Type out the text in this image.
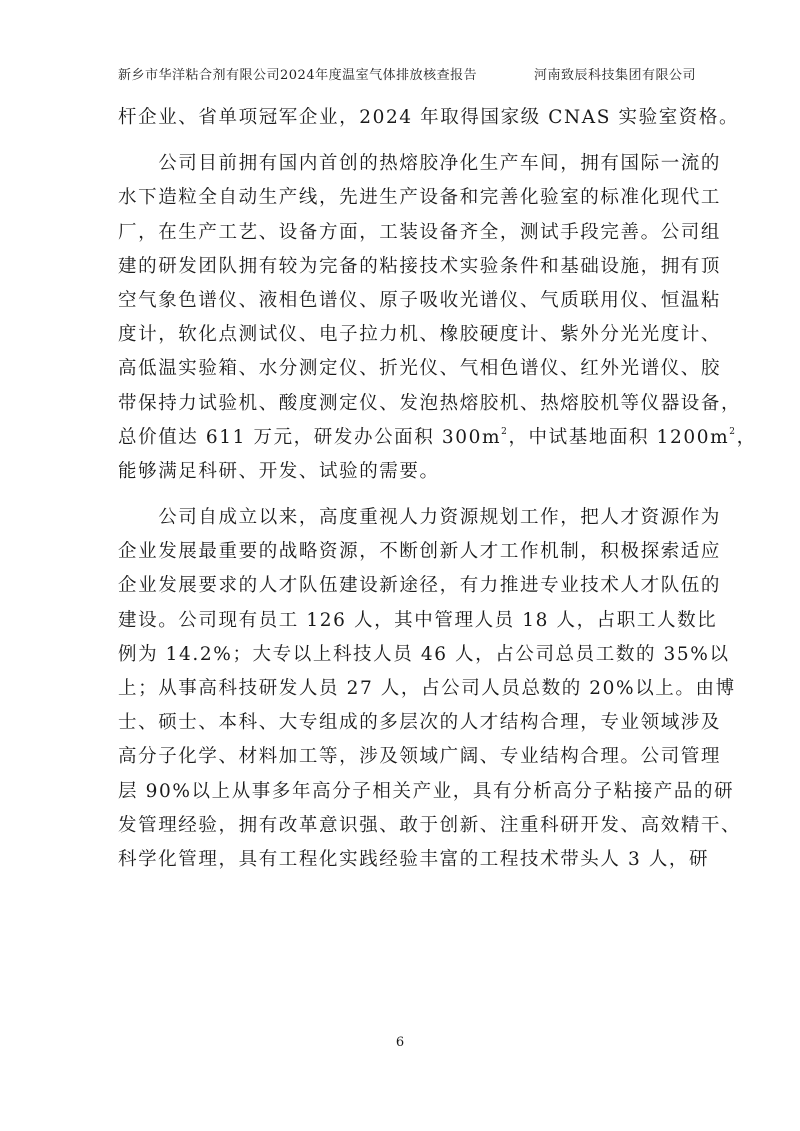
新乡市华洋粘合剂有限公司2024年度温室气体排放核查报告	河南致辰科技集团有限公司
杆企业、省单项冠军企业，2024 年取得国家级 CNAS 实验室资格。
　　公司目前拥有国内首创的热熔胶净化生产车间，拥有国际一流的
水下造粒全自动生产线，先进生产设备和完善化验室的标准化现代工
厂，在生产工艺、设备方面，工装设备齐全，测试手段完善。公司组
建的研发团队拥有较为完备的粘接技术实验条件和基础设施，拥有顶
空气象色谱仪、液相色谱仪、原子吸收光谱仪、气质联用仪、恒温粘
度计，软化点测试仪、电子拉力机、橡胶硬度计、紫外分光光度计、
高低温实验箱、水分测定仪、折光仪、气相色谱仪、红外光谱仪、胶
带保持力试验机、酸度测定仪、发泡热熔胶机、热熔胶机等仪器设备，
总价值达 611 万元，研发办公面积 $300m^2$，中试基地面积 $1200m^2$，
能够满足科研、开发、试验的需要。
　　公司自成立以来，高度重视人力资源规划工作，把人才资源作为
企业发展最重要的战略资源，不断创新人才工作机制，积极探索适应
企业发展要求的人才队伍建设新途径，有力推进专业技术人才队伍的
建设。公司现有员工 126 人，其中管理人员 18 人，占职工人数比
例为 14.2%；大专以上科技人员 46 人，占公司总员工数的 35%以
上；从事高科技研发人员 27 人，占公司人员总数的 20%以上。由博
士、硕士、本科、大专组成的多层次的人才结构合理，专业领域涉及
高分子化学、材料加工等，涉及领域广阔、专业结构合理。公司管理
层 90%以上从事多年高分子相关产业，具有分析高分子粘接产品的研
发管理经验，拥有改革意识强、敢于创新、注重科研开发、高效精干、
科学化管理，具有工程化实践经验丰富的工程技术带头人 3 人，研
6
